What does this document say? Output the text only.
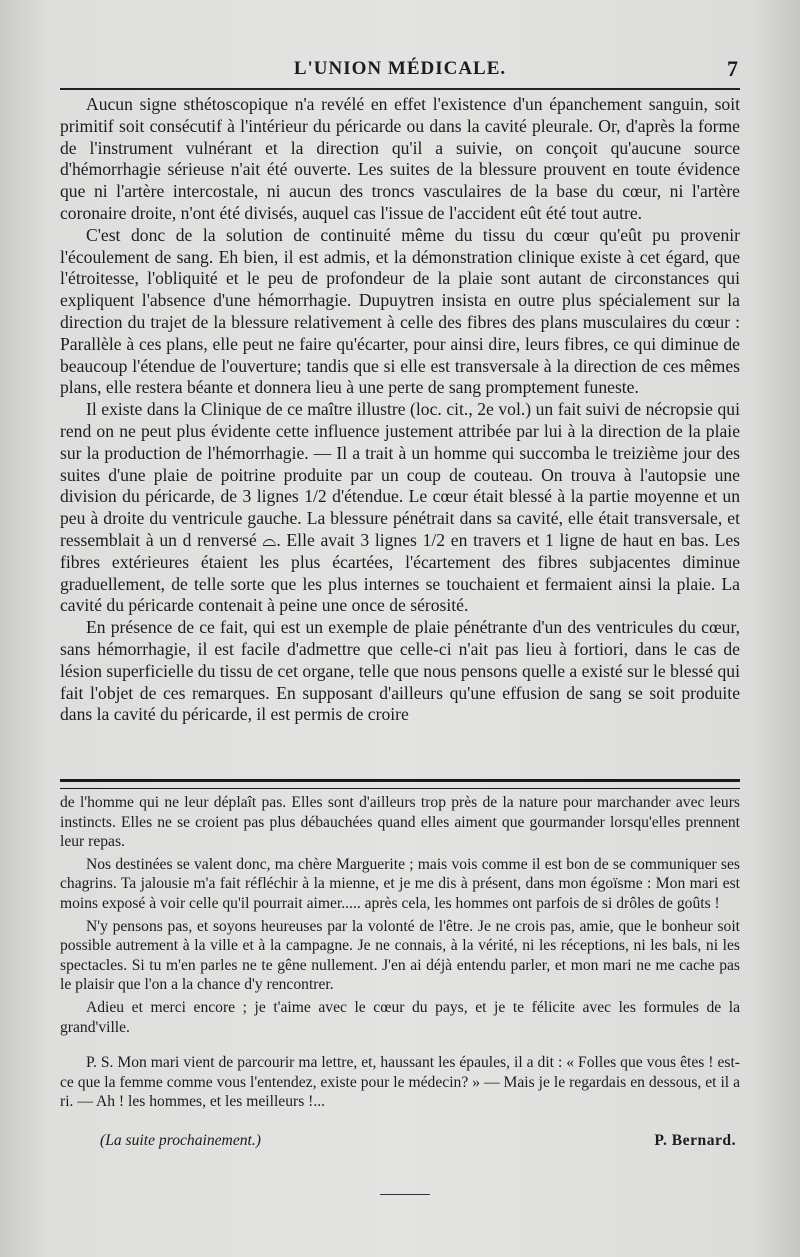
L'UNION MÉDICALE.	7

Aucun signe sthétoscopique n'a revélé en effet l'existence d'un épanchement sanguin, soit primitif soit consécutif à l'intérieur du péricarde ou dans la cavité pleurale. Or, d'après la forme de l'instrument vulnérant et la direction qu'il a suivie, on conçoit qu'aucune source d'hémorrhagie sérieuse n'ait été ouverte. Les suites de la blessure prouvent en toute évidence que ni l'artère intercostale, ni aucun des troncs vasculaires de la base du cœur, ni l'artère coronaire droite, n'ont été divisés, auquel cas l'issue de l'accident eût été tout autre.

C'est donc de la solution de continuité même du tissu du cœur qu'eût pu provenir l'écoulement de sang. Eh bien, il est admis, et la démonstration clinique existe à cet égard, que l'étroitesse, l'obliquité et le peu de profondeur de la plaie sont autant de circonstances qui expliquent l'absence d'une hémorrhagie. Dupuytren insista en outre plus spécialement sur la direction du trajet de la blessure relativement à celle des fibres des plans musculaires du cœur : Parallèle à ces plans, elle peut ne faire qu'écarter, pour ainsi dire, leurs fibres, ce qui diminue de beaucoup l'étendue de l'ouverture; tandis que si elle est transversale à la direction de ces mêmes plans, elle restera béante et donnera lieu à une perte de sang promptement funeste.

Il existe dans la Clinique de ce maître illustre (loc. cit., 2e vol.) un fait suivi de nécropsie qui rend on ne peut plus évidente cette influence justement attribée par lui à la direction de la plaie sur la production de l'hémorrhagie. — Il a trait à un homme qui succomba le treizième jour des suites d'une plaie de poitrine produite par un coup de couteau. On trouva à l'autopsie une division du péricarde, de 3 lignes 1/2 d'étendue. Le cœur était blessé à la partie moyenne et un peu à droite du ventricule gauche. La blessure pénétrait dans sa cavité, elle était transversale, et ressemblait à un d renversé ⌓. Elle avait 3 lignes 1/2 en travers et 1 ligne de haut en bas. Les fibres extérieures étaient les plus écartées, l'écartement des fibres subjacentes diminue graduellement, de telle sorte que les plus internes se touchaient et fermaient ainsi la plaie. La cavité du péricarde contenait à peine une once de sérosité.

En présence de ce fait, qui est un exemple de plaie pénétrante d'un des ventricules du cœur, sans hémorrhagie, il est facile d'admettre que celle-ci n'ait pas lieu à fortiori, dans le cas de lésion superficielle du tissu de cet organe, telle que nous pensons quelle a existé sur le blessé qui fait l'objet de ces remarques. En supposant d'ailleurs qu'une effusion de sang se soit produite dans la cavité du péricarde, il est permis de croire

de l'homme qui ne leur déplaît pas. Elles sont d'ailleurs trop près de la nature pour marchander avec leurs instincts. Elles ne se croient pas plus débauchées quand elles aiment que gourmander lorsqu'elles prennent leur repas.

Nos destinées se valent donc, ma chère Marguerite ; mais vois comme il est bon de se communiquer ses chagrins. Ta jalousie m'a fait réfléchir à la mienne, et je me dis à présent, dans mon égoïsme : Mon mari est moins exposé à voir celle qu'il pourrait aimer..... après cela, les hommes ont parfois de si drôles de goûts !

N'y pensons pas, et soyons heureuses par la volonté de l'être. Je ne crois pas, amie, que le bonheur soit possible autrement à la ville et à la campagne. Je ne connais, à la vérité, ni les réceptions, ni les bals, ni les spectacles. Si tu m'en parles ne te gêne nullement. J'en ai déjà entendu parler, et mon mari ne me cache pas le plaisir que l'on a la chance d'y rencontrer.

Adieu et merci encore ; je t'aime avec le cœur du pays, et je te félicite avec les formules de la grand'ville.

P. S. Mon mari vient de parcourir ma lettre, et, haussant les épaules, il a dit : « Folles que vous êtes ! est-ce que la femme comme vous l'entendez, existe pour le médecin? » — Mais je le regardais en dessous, et il a ri. — Ah ! les hommes, et les meilleurs !...

(La suite prochainement.)	P. Bernard.
